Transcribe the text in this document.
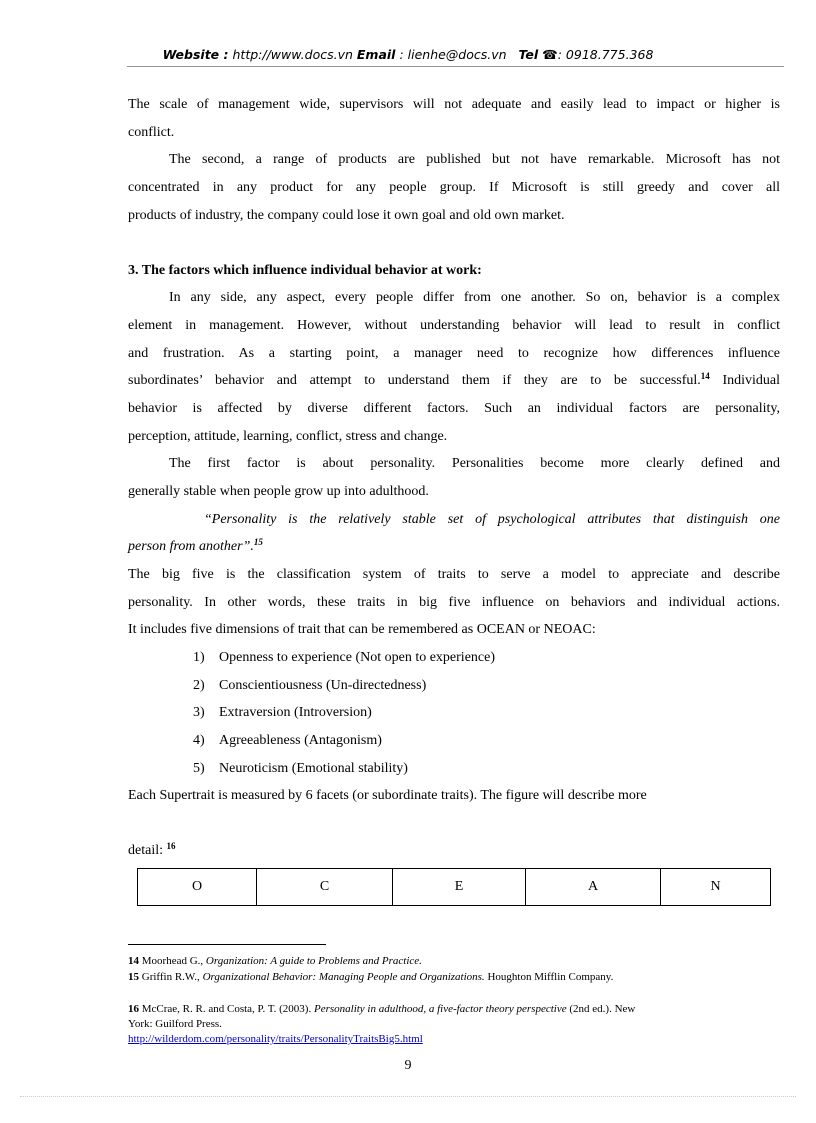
Website : http://www.docs.vn Email : lienhe@docs.vn Tel ☎: 0918.775.368
The scale of management wide, supervisors will not adequate and easily lead to impact or higher is
conflict.
The second, a range of products are published but not have remarkable. Microsoft has not
concentrated in any product for any people group. If Microsoft is still greedy and cover all
products of industry, the company could lose it own goal and old own market.
3. The factors which influence individual behavior at work:
In any side, any aspect, every people differ from one another. So on, behavior is a complex
element in management. However, without understanding behavior will lead to result in conflict
and frustration. As a starting point, a manager need to recognize how differences influence
subordinates’ behavior and attempt to understand them if they are to be successful.$^{14}$ Individual
behavior is affected by diverse different factors. Such an individual factors are personality,
perception, attitude, learning, conflict, stress and change.
The first factor is about personality. Personalities become more clearly defined and
generally stable when people grow up into adulthood.
“Personality is the relatively stable set of psychological attributes that distinguish one
person from another”.$^{15}$
The big five is the classification system of traits to serve a model to appreciate and describe
personality. In other words, these traits in big five influence on behaviors and individual actions.
It includes five dimensions of trait that can be remembered as OCEAN or NEOAC:
1) Openness to experience (Not open to experience)
2) Conscientiousness (Un-directedness)
3) Extraversion (Introversion)
4) Agreeableness (Antagonism)
5) Neuroticism (Emotional stability)
Each Supertrait is measured by 6 facets (or subordinate traits). The figure will describe more
detail: $^{16}$
O	C	E	A	N
14 Moorhead G., Organization: A guide to Problems and Practice.
15 Griffin R.W., Organizational Behavior: Managing People and Organizations. Houghton Mifflin Company.
16 McCrae, R. R. and Costa, P. T. (2003). Personality in adulthood, a five-factor theory perspective (2nd ed.). New
York: Guilford Press.
http://wilderdom.com/personality/traits/PersonalityTraitsBig5.html
9
